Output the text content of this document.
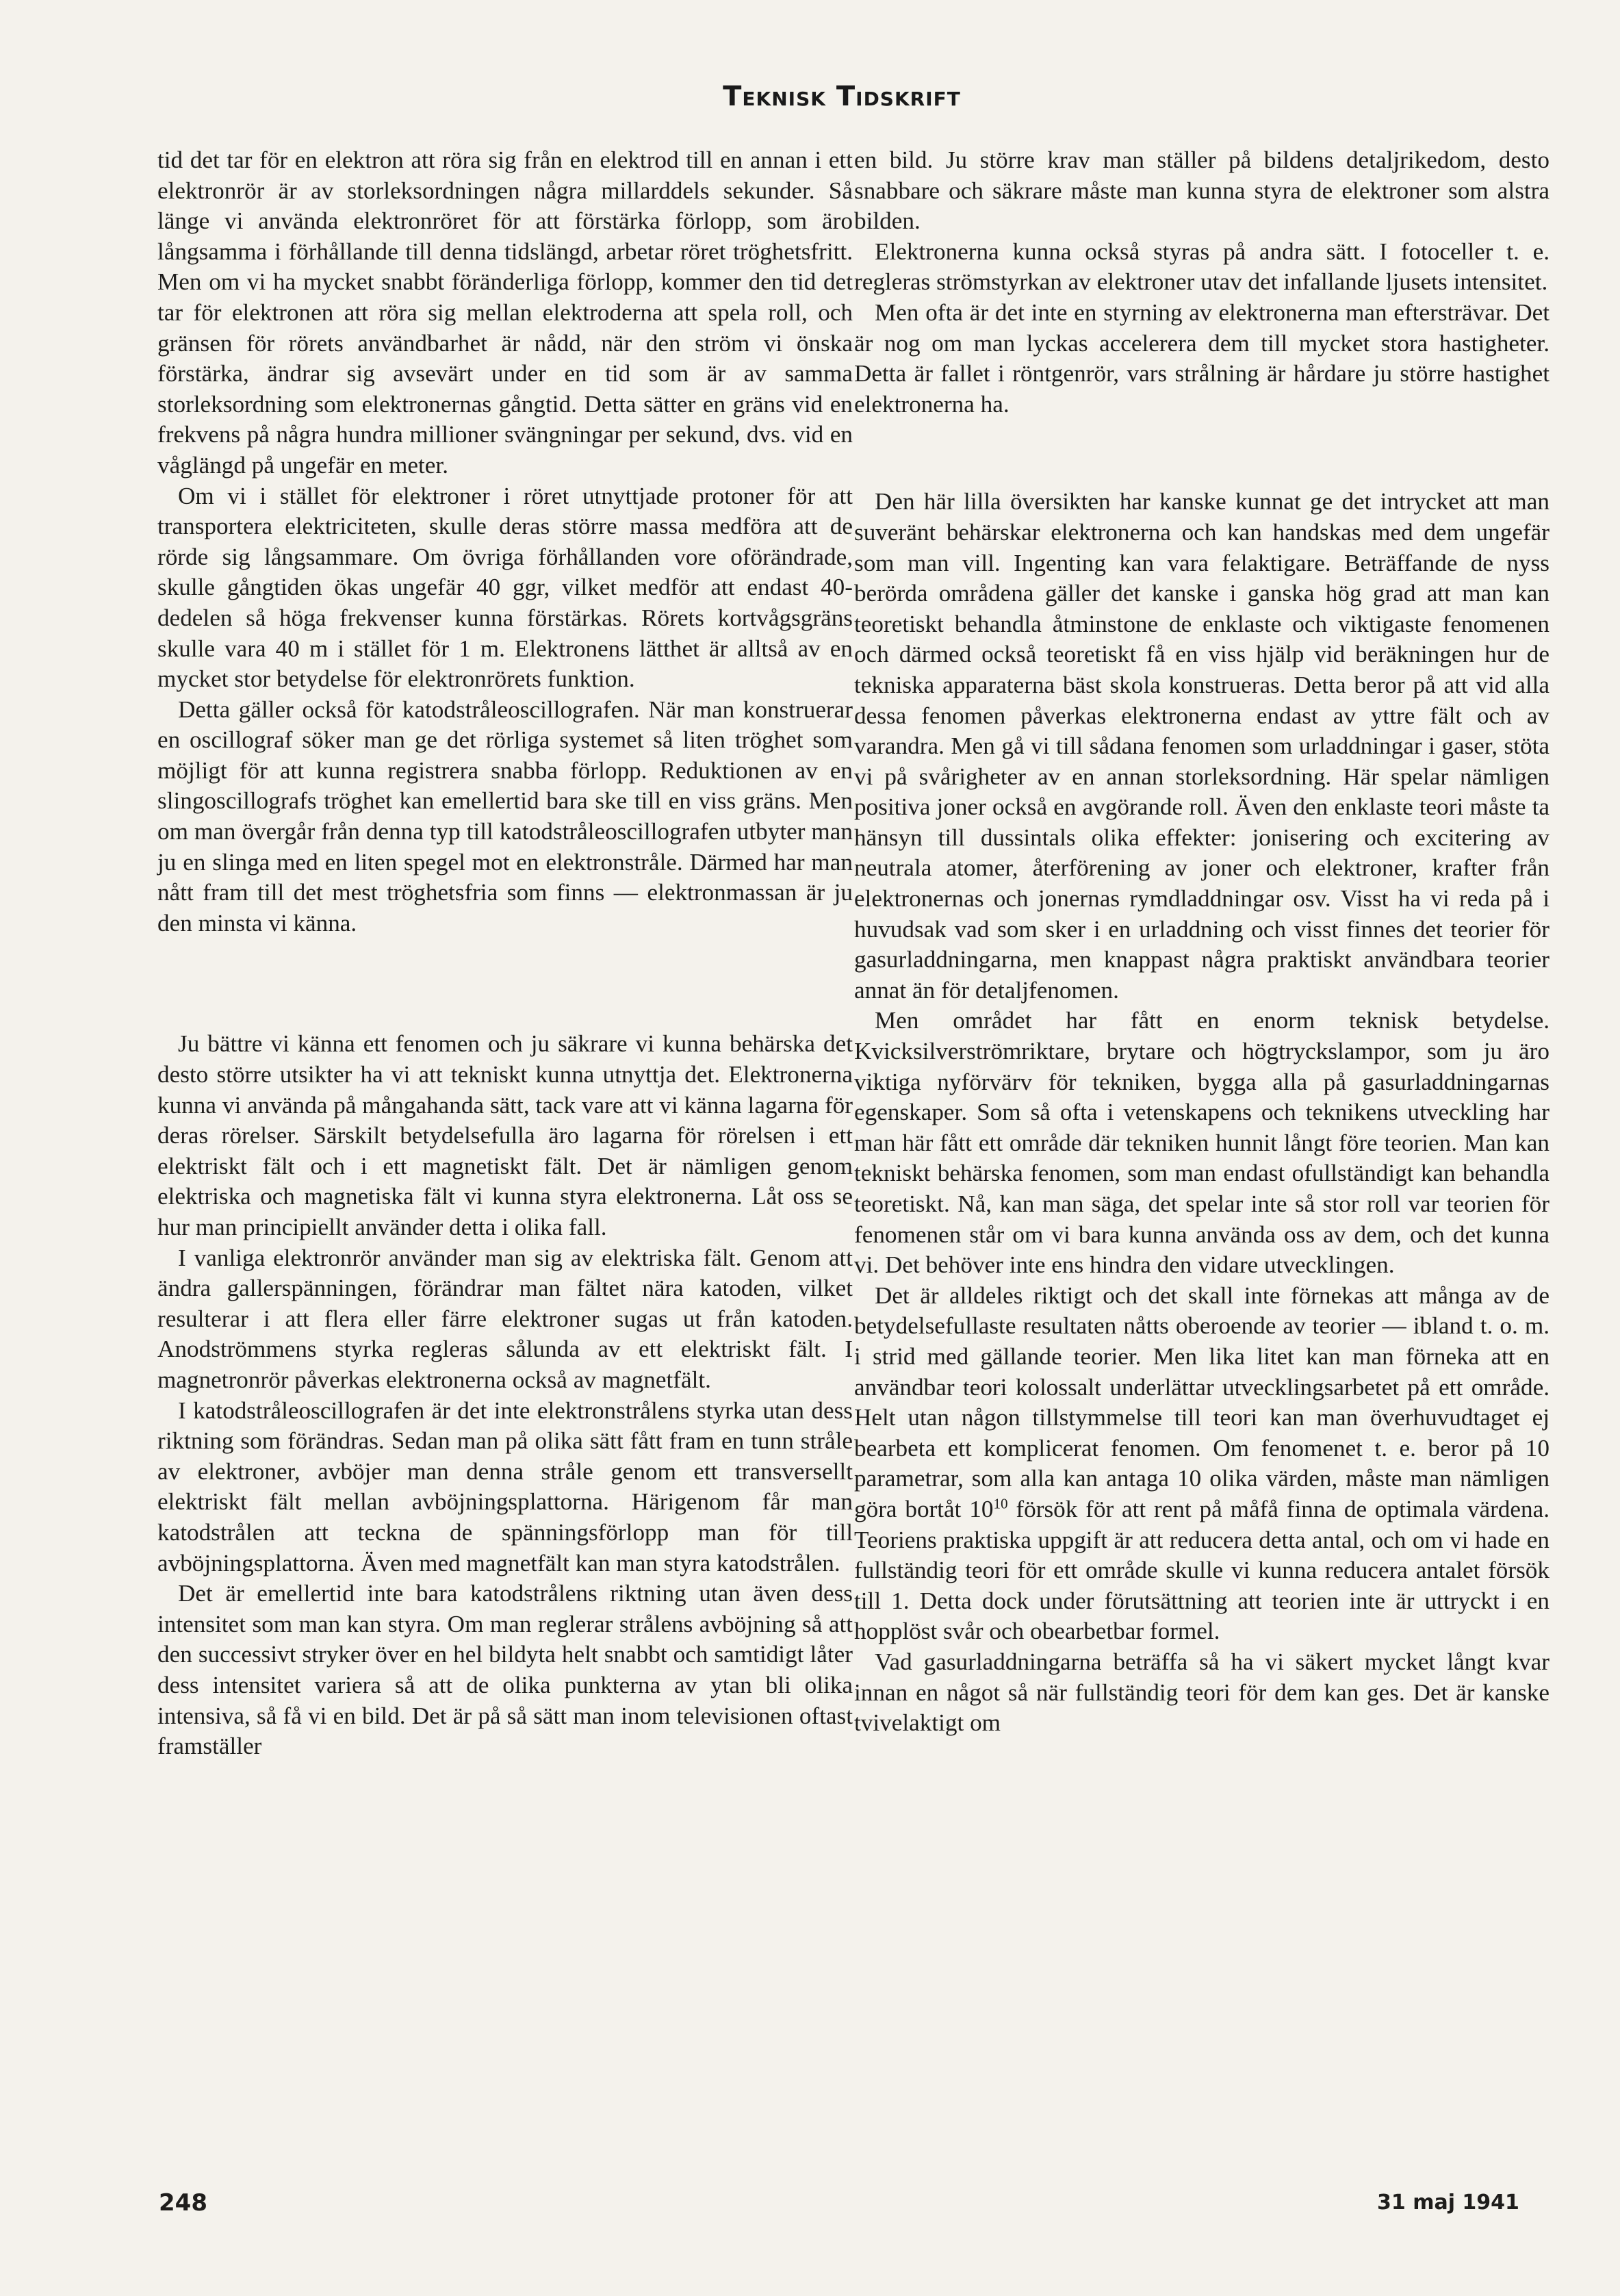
Teknisk Tidskrift

tid det tar för en elektron att röra sig från en elektrod till en annan i ett elektronrör är av storleksordningen några millarddels sekunder. Så länge vi använda elektronröret för att förstärka förlopp, som äro långsamma i förhållande till denna tidslängd, arbetar röret tröghetsfritt. Men om vi ha mycket snabbt föränderliga förlopp, kommer den tid det tar för elektronen att röra sig mellan elektroderna att spela roll, och gränsen för rörets användbarhet är nådd, när den ström vi önska förstärka, ändrar sig avsevärt under en tid som är av samma storleksordning som elektronernas gångtid. Detta sätter en gräns vid en frekvens på några hundra millioner svängningar per sekund, dvs. vid en våglängd på ungefär en meter.

Om vi i stället för elektroner i röret utnyttjade protoner för att transportera elektriciteten, skulle deras större massa medföra att de rörde sig långsammare. Om övriga förhållanden vore oförändrade, skulle gångtiden ökas ungefär 40 ggr, vilket medför att endast 40-dedelen så höga frekvenser kunna förstärkas. Rörets kortvågsgräns skulle vara 40 m i stället för 1 m. Elektronens lätthet är alltså av en mycket stor betydelse för elektronrörets funktion.

Detta gäller också för katodstråleoscillografen. När man konstruerar en oscillograf söker man ge det rörliga systemet så liten tröghet som möjligt för att kunna registrera snabba förlopp. Reduktionen av en slingoscillografs tröghet kan emellertid bara ske till en viss gräns. Men om man övergår från denna typ till katodstråleoscillografen utbyter man ju en slinga med en liten spegel mot en elektronstråle. Därmed har man nått fram till det mest tröghetsfria som finns — elektronmassan är ju den minsta vi känna.

Ju bättre vi känna ett fenomen och ju säkrare vi kunna behärska det desto större utsikter ha vi att tekniskt kunna utnyttja det. Elektronerna kunna vi använda på mångahanda sätt, tack vare att vi känna lagarna för deras rörelser. Särskilt betydelsefulla äro lagarna för rörelsen i ett elektriskt fält och i ett magnetiskt fält. Det är nämligen genom elektriska och magnetiska fält vi kunna styra elektronerna. Låt oss se hur man principiellt använder detta i olika fall.

I vanliga elektronrör använder man sig av elektriska fält. Genom att ändra gallerspänningen, förändrar man fältet nära katoden, vilket resulterar i att flera eller färre elektroner sugas ut från katoden. Anodströmmens styrka regleras sålunda av ett elektriskt fält. I magnetronrör påverkas elektronerna också av magnetfält.

I katodstråleoscillografen är det inte elektronstrålens styrka utan dess riktning som förändras. Sedan man på olika sätt fått fram en tunn stråle av elektroner, avböjer man denna stråle genom ett transversellt elektriskt fält mellan avböjningsplattorna. Härigenom får man katodstrålen att teckna de spänningsförlopp man för till avböjningsplattorna. Även med magnetfält kan man styra katodstrålen.

Det är emellertid inte bara katodstrålens riktning utan även dess intensitet som man kan styra. Om man reglerar strålens avböjning så att den successivt stryker över en hel bildyta helt snabbt och samtidigt låter dess intensitet variera så att de olika punkterna av ytan bli olika intensiva, så få vi en bild. Det är på så sätt man inom televisionen oftast framställer

en bild. Ju större krav man ställer på bildens detaljrikedom, desto snabbare och säkrare måste man kunna styra de elektroner som alstra bilden.

Elektronerna kunna också styras på andra sätt. I fotoceller t. e. regleras strömstyrkan av elektroner utav det infallande ljusets intensitet.

Men ofta är det inte en styrning av elektronerna man eftersträvar. Det är nog om man lyckas accelerera dem till mycket stora hastigheter. Detta är fallet i röntgenrör, vars strålning är hårdare ju större hastighet elektronerna ha.

Den här lilla översikten har kanske kunnat ge det intrycket att man suveränt behärskar elektronerna och kan handskas med dem ungefär som man vill. Ingenting kan vara felaktigare. Beträffande de nyss berörda områdena gäller det kanske i ganska hög grad att man kan teoretiskt behandla åtminstone de enklaste och viktigaste fenomenen och därmed också teoretiskt få en viss hjälp vid beräkningen hur de tekniska apparaterna bäst skola konstrueras. Detta beror på att vid alla dessa fenomen påverkas elektronerna endast av yttre fält och av varandra. Men gå vi till sådana fenomen som urladdningar i gaser, stöta vi på svårigheter av en annan storleksordning. Här spelar nämligen positiva joner också en avgörande roll. Även den enklaste teori måste ta hänsyn till dussintals olika effekter: jonisering och excitering av neutrala atomer, återförening av joner och elektroner, krafter från elektronernas och jonernas rymdladdningar osv. Visst ha vi reda på i huvudsak vad som sker i en urladdning och visst finnes det teorier för gasurladdningarna, men knappast några praktiskt användbara teorier annat än för detaljfenomen.

Men området har fått en enorm teknisk betydelse. Kvicksilverströmriktare, brytare och högtryckslampor, som ju äro viktiga nyförvärv för tekniken, bygga alla på gasurladdningarnas egenskaper. Som så ofta i vetenskapens och teknikens utveckling har man här fått ett område där tekniken hunnit långt före teorien. Man kan tekniskt behärska fenomen, som man endast ofullständigt kan behandla teoretiskt. Nå, kan man säga, det spelar inte så stor roll var teorien för fenomenen står om vi bara kunna använda oss av dem, och det kunna vi. Det behöver inte ens hindra den vidare utvecklingen.

Det är alldeles riktigt och det skall inte förnekas att många av de betydelsefullaste resultaten nåtts oberoende av teorier — ibland t. o. m. i strid med gällande teorier. Men lika litet kan man förneka att en användbar teori kolossalt underlättar utvecklingsarbetet på ett område. Helt utan någon tillstymmelse till teori kan man överhuvudtaget ej bearbeta ett komplicerat fenomen. Om fenomenet t. e. beror på 10 parametrar, som alla kan antaga 10 olika värden, måste man nämligen göra bortåt $10^{10}$ försök för att rent på måfå finna de optimala värdena. Teoriens praktiska uppgift är att reducera detta antal, och om vi hade en fullständig teori för ett område skulle vi kunna reducera antalet försök till 1. Detta dock under förutsättning att teorien inte är uttryckt i en hopplöst svår och obearbetbar formel.

Vad gasurladdningarna beträffa så ha vi säkert mycket långt kvar innan en något så när fullständig teori för dem kan ges. Det är kanske tvivelaktigt om

248	31 maj 1941
